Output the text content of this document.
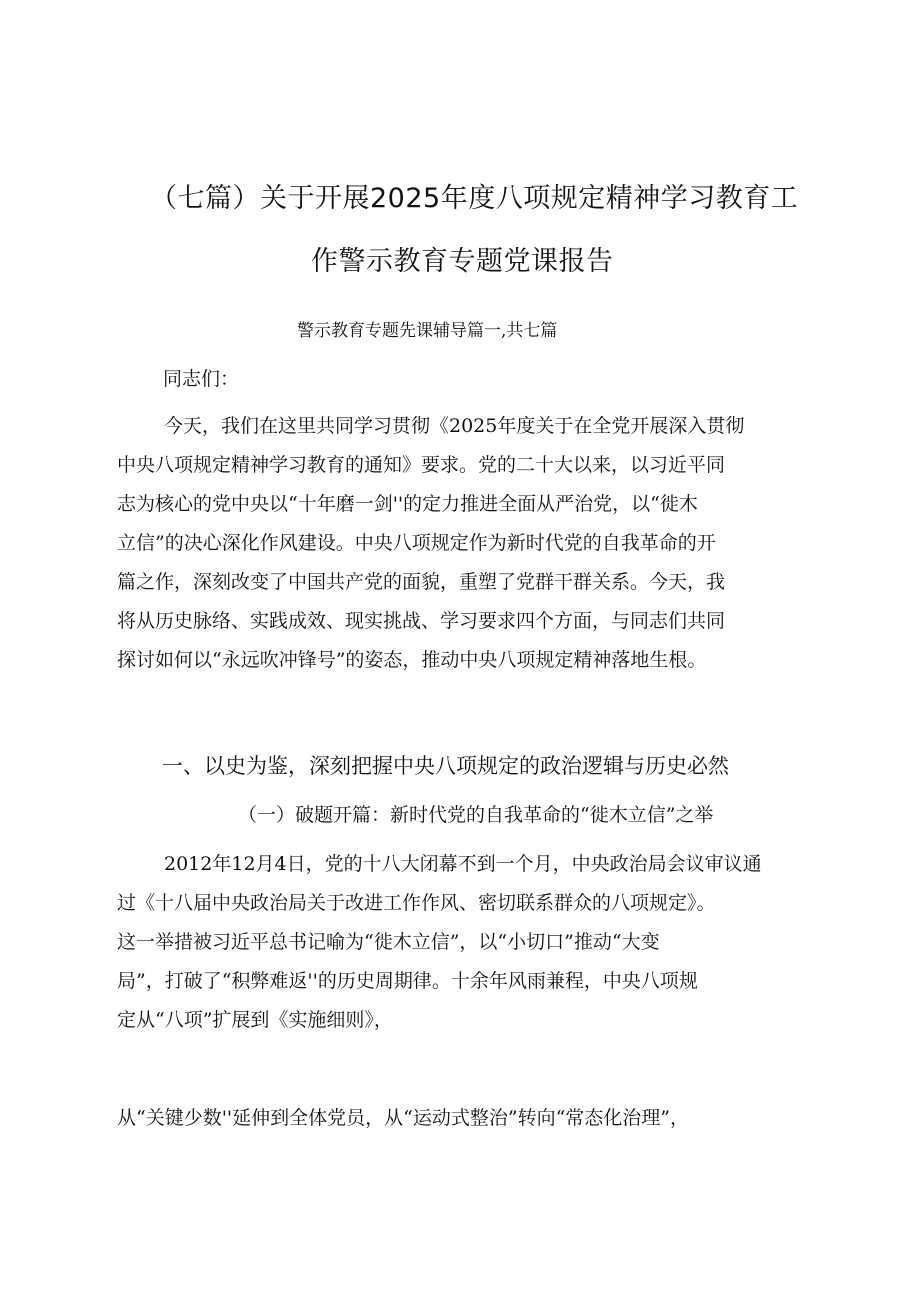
（七篇）关于开展2025年度八项规定精神学习教育工
作警示教育专题党课报告
警示教育专题先课辅导篇一,共七篇
同志们：
今天，我们在这里共同学习贯彻《2025年度关于在全党开展深入贯彻
中央八项规定精神学习教育的通知》要求。党的二十大以来，以习近平同
志为核心的党中央以“十年磨一剑''的定力推进全面从严治党，以“徙木
立信”的决心深化作风建设。中央八项规定作为新时代党的自我革命的开
篇之作，深刻改变了中国共产党的面貌，重塑了党群干群关系。今天，我
将从历史脉络、实践成效、现实挑战、学习要求四个方面，与同志们共同
探讨如何以“永远吹冲锋号”的姿态，推动中央八项规定精神落地生根。
一、以史为鉴，深刻把握中央八项规定的政治逻辑与历史必然
（一）破题开篇：新时代党的自我革命的“徙木立信”之举
2012年12月4日，党的十八大闭幕不到一个月，中央政治局会议审议通
过《十八届中央政治局关于改进工作作风、密切联系群众的八项规定》。
这一举措被习近平总书记喻为“徙木立信”，以“小切口”推动“大变
局”，打破了“积弊难返''的历史周期律。十余年风雨兼程，中央八项规
定从“八项”扩展到《实施细则》，
从“关键少数''延伸到全体党员，从“运动式整治”转向“常态化治理”，
